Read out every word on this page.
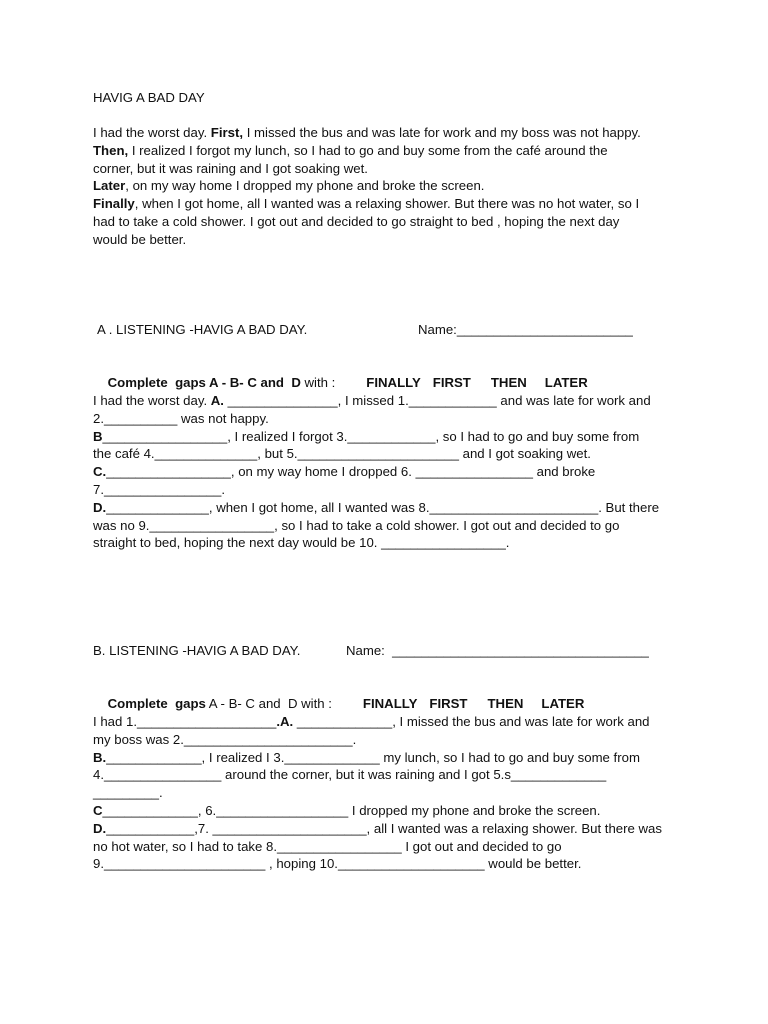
HAVIG A BAD DAY
I had the worst day. First, I missed the bus and was late for work and my boss was not happy.
Then, I realized I forgot my lunch, so I had to go and buy some from the café around the
corner, but it was raining and I got soaking wet.
Later, on my way home I dropped my phone and broke the screen.
Finally, when I got home, all I wanted was a relaxing shower. But there was no hot water, so I
had to take a cold shower. I got out and decided to go straight to bed , hoping the next day
would be better.
A . LISTENING -HAVIG A BAD DAY.	Name:________________________

Complete  gaps A - B- C and  D with : FINALLY FIRST THEN LATER

I had the worst day. A. _______________, I missed 1.____________ and was late for work and
2.__________ was not happy.
B_________________, I realized I forgot 3.____________, so I had to go and buy some from
the café 4.______________, but 5.______________________ and I got soaking wet.
C._________________, on my way home I dropped 6. ________________ and broke
7.________________.
D.______________, when I got home, all I wanted was 8._______________________. But there
was no 9._________________, so I had to take a cold shower. I got out and decided to go
straight to bed, hoping the next day would be 10. _________________.
B. LISTENING -HAVIG A BAD DAY.	Name:  ___________________________________

Complete  gaps A - B- C and  D with : FINALLY FIRST THEN LATER

I had 1.___________________.A. _____________, I missed the bus and was late for work and
my boss was 2._______________________.
B._____________, I realized I 3._____________ my lunch, so I had to go and buy some from
4.________________ around the corner, but it was raining and I got 5.s_____________
_________.
C_____________, 6.__________________ I dropped my phone and broke the screen.
D.____________,7. _____________________, all I wanted was a relaxing shower. But there was
no hot water, so I had to take 8._________________ I got out and decided to go
9.______________________ , hoping 10.____________________ would be better.
